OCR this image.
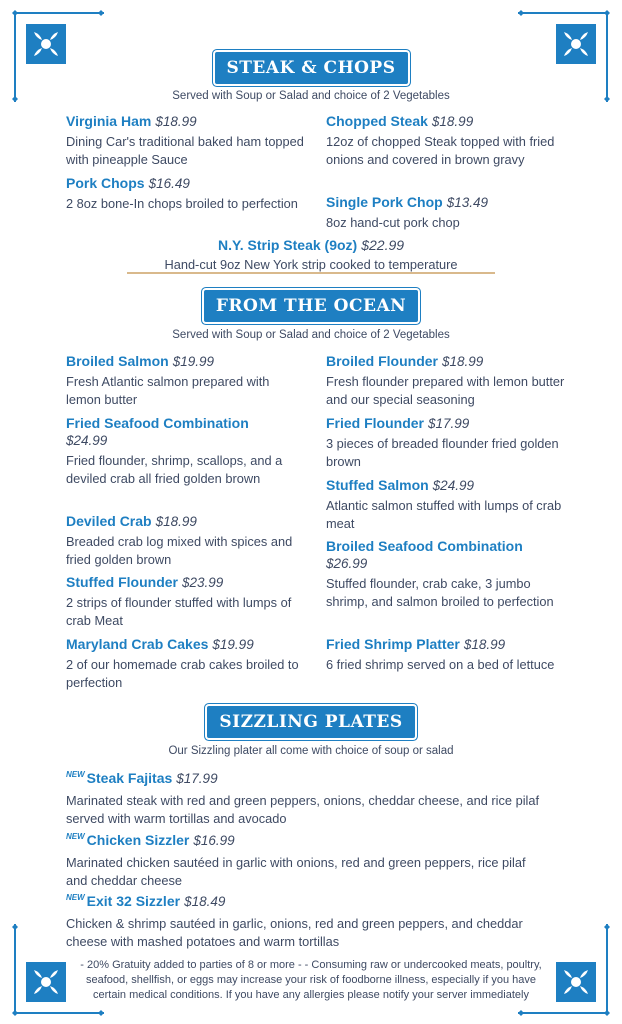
STEAK & CHOPS
Served with Soup or Salad and choice of 2 Vegetables
Virginia Ham $18.99
Dining Car's traditional baked ham topped with pineapple Sauce
Pork Chops $16.49
2 8oz bone-In chops broiled to perfection
Chopped Steak $18.99
12oz of chopped Steak topped with fried onions and covered in brown gravy
Single Pork Chop $13.49
8oz hand-cut pork chop
N.Y. Strip Steak (9oz) $22.99
Hand-cut 9oz New York strip cooked to temperature
FROM THE OCEAN
Served with Soup or Salad and choice of 2 Vegetables
Broiled Salmon $19.99
Fresh Atlantic salmon prepared with lemon butter
Fried Seafood Combination
$24.99
Fried flounder, shrimp, scallops, and a deviled crab all fried golden brown
Deviled Crab $18.99
Breaded crab log mixed with spices and fried golden brown
Stuffed Flounder $23.99
2 strips of flounder stuffed with lumps of crab Meat
Maryland Crab Cakes $19.99
2 of our homemade crab cakes broiled to perfection
Broiled Flounder $18.99
Fresh flounder prepared with lemon butter and our special seasoning
Fried Flounder $17.99
3 pieces of breaded flounder fried golden brown
Stuffed Salmon $24.99
Atlantic salmon stuffed with lumps of crab meat
Broiled Seafood Combination
$26.99
Stuffed flounder, crab cake, 3 jumbo shrimp, and salmon broiled to perfection
Fried Shrimp Platter $18.99
6 fried shrimp served on a bed of lettuce
SIZZLING PLATES
Our Sizzling plater all come with choice of soup or salad
$^{NEW}$ Steak Fajitas $17.99
Marinated steak with red and green peppers, onions, cheddar cheese, and rice pilaf served with warm tortillas and avocado
$^{NEW}$ Chicken Sizzler $16.99
Marinated chicken sautéed in garlic with onions, red and green peppers, rice pilaf and cheddar cheese
$^{NEW}$ Exit 32 Sizzler $18.49
Chicken & shrimp sautéed in garlic, onions, red and green peppers, and cheddar cheese with mashed potatoes and warm tortillas
- 20% Gratuity added to parties of 8 or more - - Consuming raw or undercooked meats, poultry, seafood, shellfish, or eggs may increase your risk of foodborne illness, especially if you have certain medical conditions. If you have any allergies please notify your server immediately
